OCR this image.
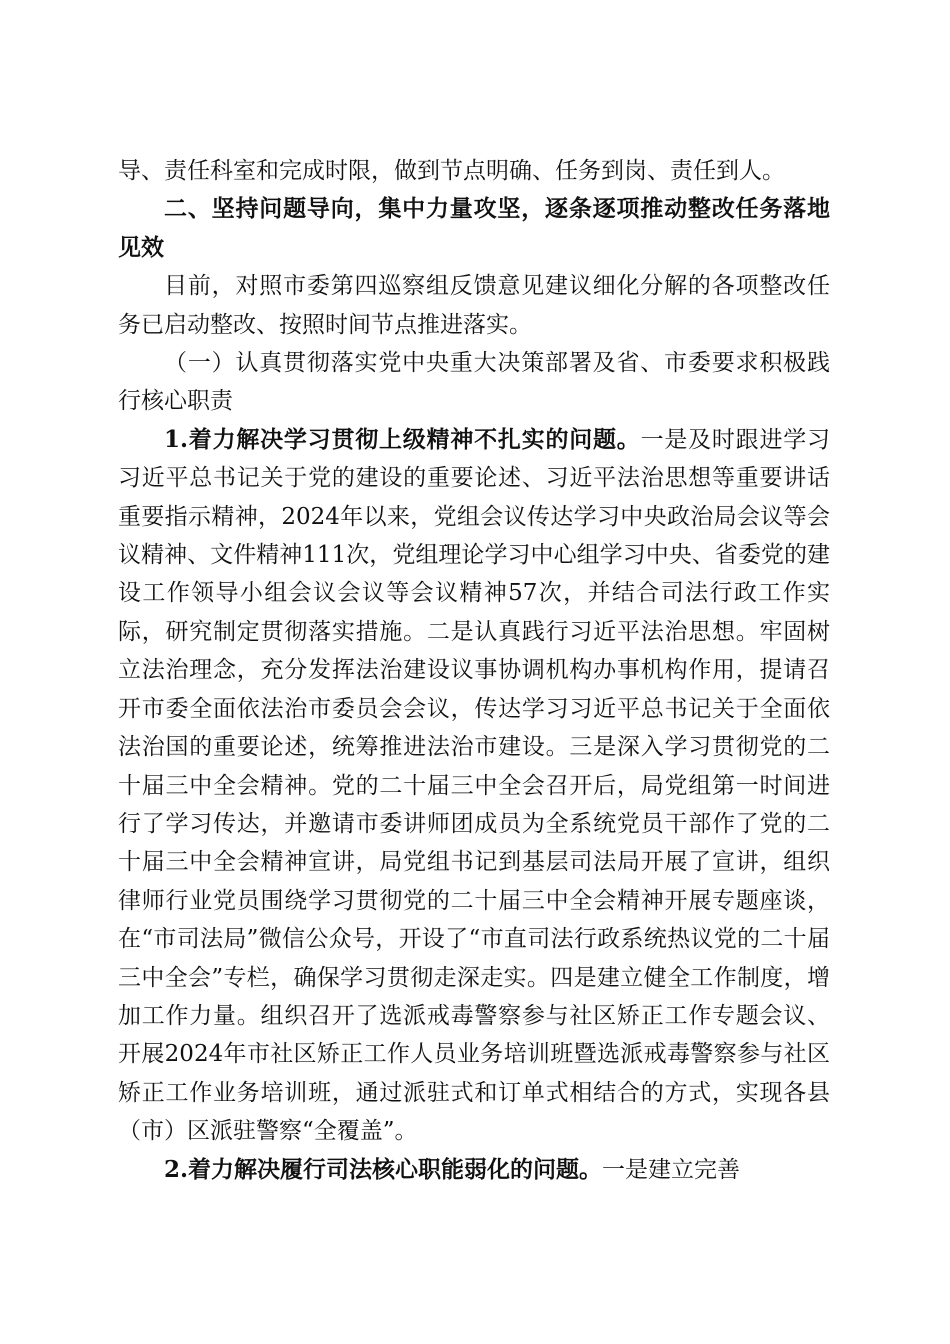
导、责任科室和完成时限，做到节点明确、任务到岗、责任到人。

二、坚持问题导向，集中力量攻坚，逐条逐项推动整改任务落地见效

目前，对照市委第四巡察组反馈意见建议细化分解的各项整改任务已启动整改、按照时间节点推进落实。

（一）认真贯彻落实党中央重大决策部署及省、市委要求积极践行核心职责

1.着力解决学习贯彻上级精神不扎实的问题。一是及时跟进学习习近平总书记关于党的建设的重要论述、习近平法治思想等重要讲话重要指示精神，2024年以来，党组会议传达学习中央政治局会议等会议精神、文件精神111次，党组理论学习中心组学习中央、省委党的建设工作领导小组会议会议等会议精神57次，并结合司法行政工作实际，研究制定贯彻落实措施。二是认真践行习近平法治思想。牢固树立法治理念，充分发挥法治建设议事协调机构办事机构作用，提请召开市委全面依法治市委员会会议，传达学习习近平总书记关于全面依法治国的重要论述，统筹推进法治市建设。三是深入学习贯彻党的二十届三中全会精神。党的二十届三中全会召开后，局党组第一时间进行了学习传达，并邀请市委讲师团成员为全系统党员干部作了党的二十届三中全会精神宣讲，局党组书记到基层司法局开展了宣讲，组织律师行业党员围绕学习贯彻党的二十届三中全会精神开展专题座谈，在“市司法局”微信公众号，开设了“市直司法行政系统热议党的二十届三中全会”专栏，确保学习贯彻走深走实。四是建立健全工作制度，增加工作力量。组织召开了选派戒毒警察参与社区矫正工作专题会议、开展2024年市社区矫正工作人员业务培训班暨选派戒毒警察参与社区矫正工作业务培训班，通过派驻式和订单式相结合的方式，实现各县（市）区派驻警察“全覆盖”。

2.着力解决履行司法核心职能弱化的问题。一是建立完善
